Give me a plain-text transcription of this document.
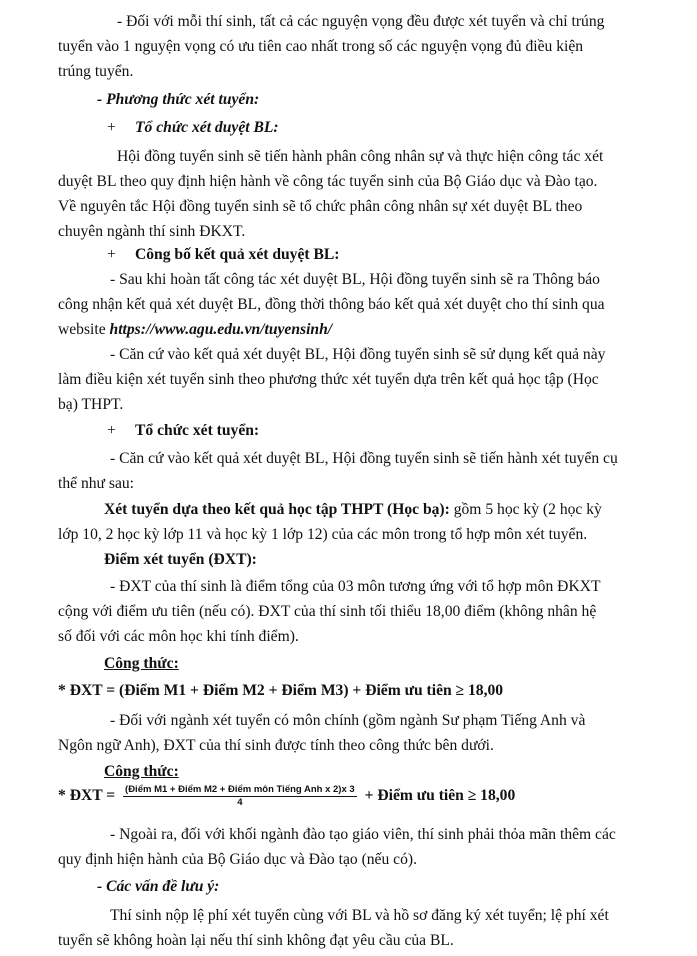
- Đối với mỗi thí sinh, tất cả các nguyện vọng đều được xét tuyển và chỉ trúng

tuyển vào 1 nguyện vọng có ưu tiên cao nhất trong số các nguyện vọng đủ điều kiện

trúng tuyển.

- Phương thức xét tuyển:

+ Tổ chức xét duyệt BL:

Hội đồng tuyển sinh sẽ tiến hành phân công nhân sự và thực hiện công tác xét

duyệt BL theo quy định hiện hành về công tác tuyển sinh của Bộ Giáo dục và Đào tạo.

Về nguyên tắc Hội đồng tuyển sinh sẽ tổ chức phân công nhân sự xét duyệt BL theo

chuyên ngành thí sinh ĐKXT.

+ Công bố kết quả xét duyệt BL:

- Sau khi hoàn tất công tác xét duyệt BL, Hội đồng tuyển sinh sẽ ra Thông báo

công nhận kết quả xét duyệt BL, đồng thời thông báo kết quả xét duyệt cho thí sinh qua

website https://www.agu.edu.vn/tuyensinh/

- Căn cứ vào kết quả xét duyệt BL, Hội đồng tuyển sinh sẽ sử dụng kết quả này

làm điều kiện xét tuyển sinh theo phương thức xét tuyển dựa trên kết quả học tập (Học

bạ) THPT.

+ Tổ chức xét tuyển:

- Căn cứ vào kết quả xét duyệt BL, Hội đồng tuyển sinh sẽ tiến hành xét tuyển cụ

thể như sau:

Xét tuyển dựa theo kết quả học tập THPT (Học bạ): gồm 5 học kỳ (2 học kỳ

lớp 10, 2 học kỳ lớp 11 và học kỳ 1 lớp 12) của các môn trong tổ hợp môn xét tuyển.

Điểm xét tuyển (ĐXT):

- ĐXT của thí sinh là điểm tổng của 03 môn tương ứng với tổ hợp môn ĐKXT

cộng với điểm ưu tiên (nếu có). ĐXT của thí sinh tối thiểu 18,00 điểm (không nhân hệ

số đối với các môn học khi tính điểm).

Công thức:

* ĐXT = (Điểm M1 + Điểm M2 + Điểm M3) + Điểm ưu tiên ≥ 18,00

- Đối với ngành xét tuyển có môn chính (gồm ngành Sư phạm Tiếng Anh và

Ngôn ngữ Anh), ĐXT của thí sinh được tính theo công thức bên dưới.

Công thức:

* ĐXT = $\frac{\text{(Điểm M1 + Điểm M2 + Điểm môn Tiếng Anh x 2)x 3}}{4}$ + Điểm ưu tiên ≥ 18,00

- Ngoài ra, đối với khối ngành đào tạo giáo viên, thí sinh phải thỏa mãn thêm các

quy định hiện hành của Bộ Giáo dục và Đào tạo (nếu có).

- Các vấn đề lưu ý:

Thí sinh nộp lệ phí xét tuyển cùng với BL và hồ sơ đăng ký xét tuyển; lệ phí xét

tuyển sẽ không hoàn lại nếu thí sinh không đạt yêu cầu của BL.
